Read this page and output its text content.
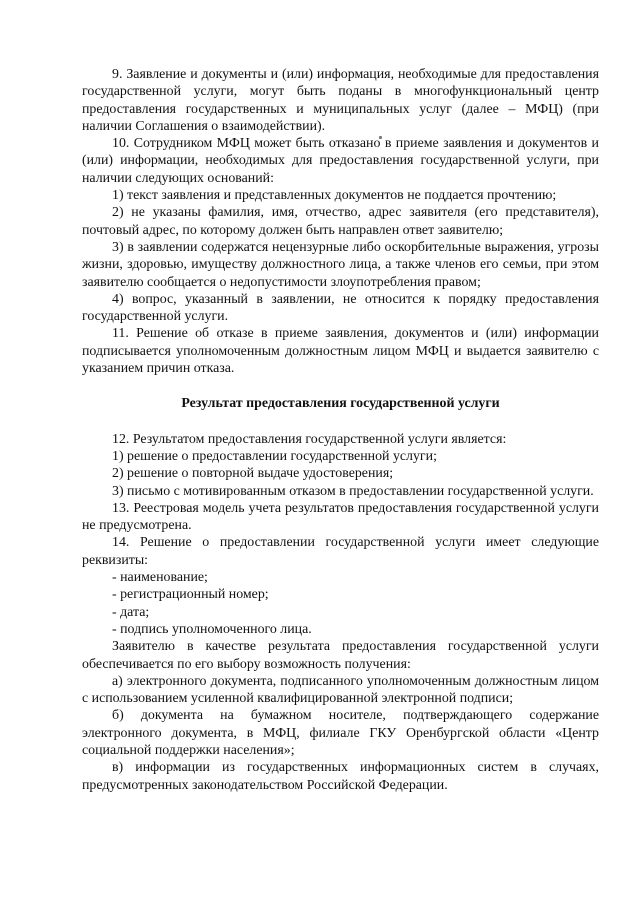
9. Заявление и документы и (или) информация, необходимые для предоставления государственной услуги, могут быть поданы в многофункциональный центр предоставления государственных и муниципальных услуг (далее – МФЦ) (при наличии Соглашения о взаимодействии).

10. Сотрудником МФЦ может быть отказано в приеме заявления и документов и (или) информации, необходимых для предоставления государственной услуги, при наличии следующих оснований:

1) текст заявления и представленных документов не поддается прочтению;

2) не указаны фамилия, имя, отчество, адрес заявителя (его представителя), почтовый адрес, по которому должен быть направлен ответ заявителю;

3) в заявлении содержатся нецензурные либо оскорбительные выражения, угрозы жизни, здоровью, имуществу должностного лица, а также членов его семьи, при этом заявителю сообщается о недопустимости злоупотребления правом;

4) вопрос, указанный в заявлении, не относится к порядку предоставления государственной услуги.

11. Решение об отказе в приеме заявления, документов и (или) информации подписывается уполномоченным должностным лицом МФЦ и выдается заявителю с указанием причин отказа.

Результат предоставления государственной услуги

12. Результатом предоставления государственной услуги является:

1) решение о предоставлении государственной услуги;

2) решение о повторной выдаче удостоверения;

3) письмо с мотивированным отказом в предоставлении государственной услуги.

13. Реестровая модель учета результатов предоставления государственной услуги не предусмотрена.

14. Решение о предоставлении государственной услуги имеет следующие реквизиты:

- наименование;

- регистрационный номер;

- дата;

- подпись уполномоченного лица.

Заявителю в качестве результата предоставления государственной услуги обеспечивается по его выбору возможность получения:

а) электронного документа, подписанного уполномоченным должностным лицом с использованием усиленной квалифицированной электронной подписи;

б) документа на бумажном носителе, подтверждающего содержание электронного документа, в МФЦ, филиале ГКУ Оренбургской области «Центр социальной поддержки населения»;

в) информации из государственных информационных систем в случаях, предусмотренных законодательством Российской Федерации.
